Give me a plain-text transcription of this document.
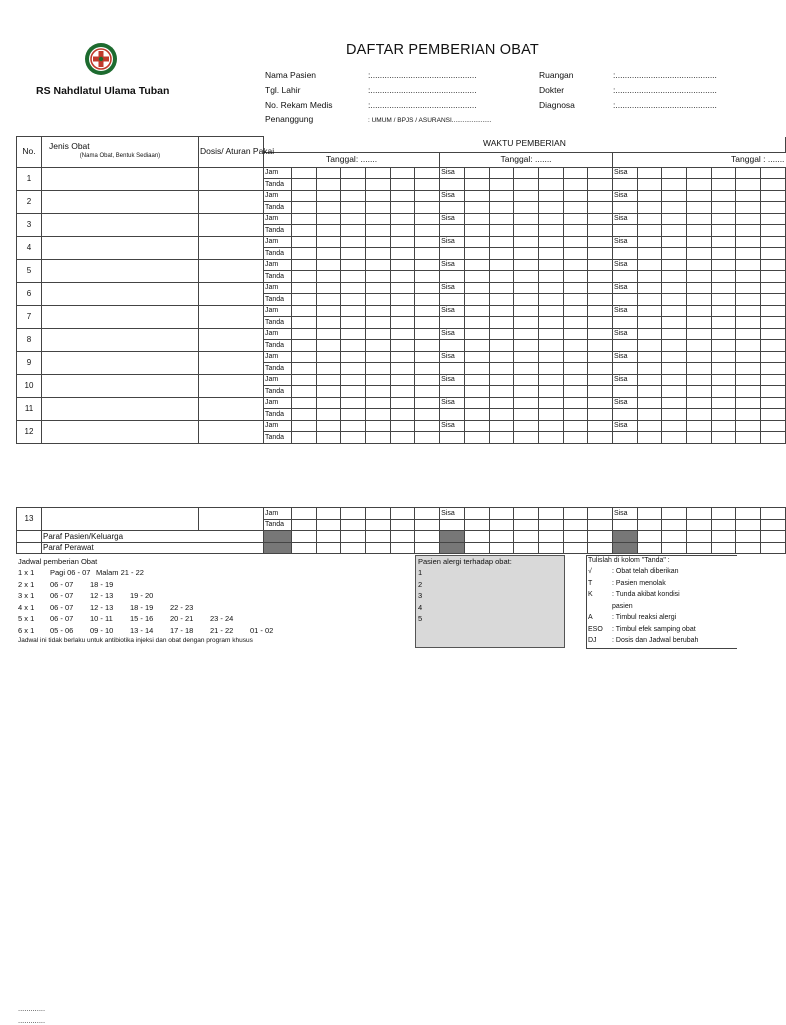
RS Nahdlatul Ulama Tuban
DAFTAR PEMBERIAN OBAT
Nama Pasien	:.............................................
Tgl. Lahir	:.............................................
No. Rekam Medis	:.............................................
Penanggung	: UMUM / BPJS / ASURANSI......................
Ruangan	:...........................................
Dokter	:...........................................
Diagnosa	:...........................................
No.	Jenis Obat
(Nama Obat, Bentuk Sediaan)	Dosis/ Aturan Pakai	WAKTU PEMBERIAN																				
			Tanggal: .......							Tanggal: .......							Tanggal : .......						
1			Jam							Sisa							Sisa						
			Tanda																				
2			Jam							Sisa							Sisa						
			Tanda																				
3			Jam							Sisa							Sisa						
			Tanda																				
4			Jam							Sisa							Sisa						
			Tanda																				
5			Jam							Sisa							Sisa						
			Tanda																				
6			Jam							Sisa							Sisa						
			Tanda																				
7			Jam							Sisa							Sisa						
			Tanda																				
8			Jam							Sisa							Sisa						
			Tanda																				
9			Jam							Sisa							Sisa						
			Tanda																				
10			Jam							Sisa							Sisa						
			Tanda																				
11			Jam							Sisa							Sisa						
			Tanda																				
12			Jam							Sisa							Sisa						
			Tanda																				
13			Jam							Sisa							Sisa						
			Tanda																				
	Paraf Pasien/Keluarga																						
	Paraf Perawat																						
Jadwal pemberian Obat
1 x 1 Pagi 06 - 07 Malam 21 - 22
2 x 1 06 - 07 18 - 19
3 x 1 06 - 07 12 - 13 19 - 20
4 x 1 06 - 07 12 - 13 18 - 19 22 - 23
5 x 1 06 - 07 10 - 11 15 - 16 20 - 21 23 - 24
6 x 1 05 - 06 09 - 10 13 - 14 17 - 18 21 - 22 01 - 02
Jadwal ini tidak berlaku untuk antibiotika injeksi dan obat dengan program khusus
Pasien alergi terhadap obat:
1
2
3
4
5
Tulislah di kolom "Tanda" :
√	: Obat telah diberikan
T	: Pasien menolak
K	: Tunda akibat kondisi
pasien
A	: Timbul reaksi alergi
ESO : Timbul efek samping obat
DJ : Dosis dan Jadwal berubah
.............
.............
